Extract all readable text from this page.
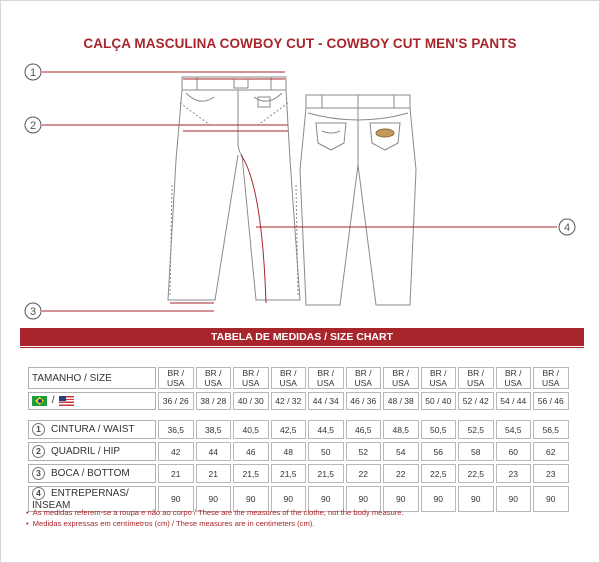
CALÇA MASCULINA COWBOY CUT - COWBOY CUT MEN'S PANTS
1
2
3
4
TABELA DE MEDIDAS / SIZE CHART
TAMANHO / SIZE	BR / USA	BR / USA	BR / USA	BR / USA	BR / USA	BR / USA	BR / USA	BR / USA	BR / USA	BR / USA	BR / USA
/	36 / 26	38 / 28	40 / 30	42 / 32	44 / 34	46 / 36	48 / 38	50 / 40	52 / 42	54 / 44	56 / 46

1 CINTURA / WAIST	36,5	38,5	40,5	42,5	44,5	46,5	48,5	50,5	52,5	54,5	56,5
2 QUADRIL / HIP	42	44	46	48	50	52	54	56	58	60	62
3 BOCA / BOTTOM	21	21	21,5	21,5	21,5	22	22	22,5	22,5	23	23
4 ENTREPERNAS/ INSEAM	90	90	90	90	90	90	90	90	90	90	90
• As medidas referem-se a roupa e não ao corpo / These are the measures of the clothe, not the body measure.
• Medidas expressas em centímetros (cm) / These measures are in centimeters (cm).
